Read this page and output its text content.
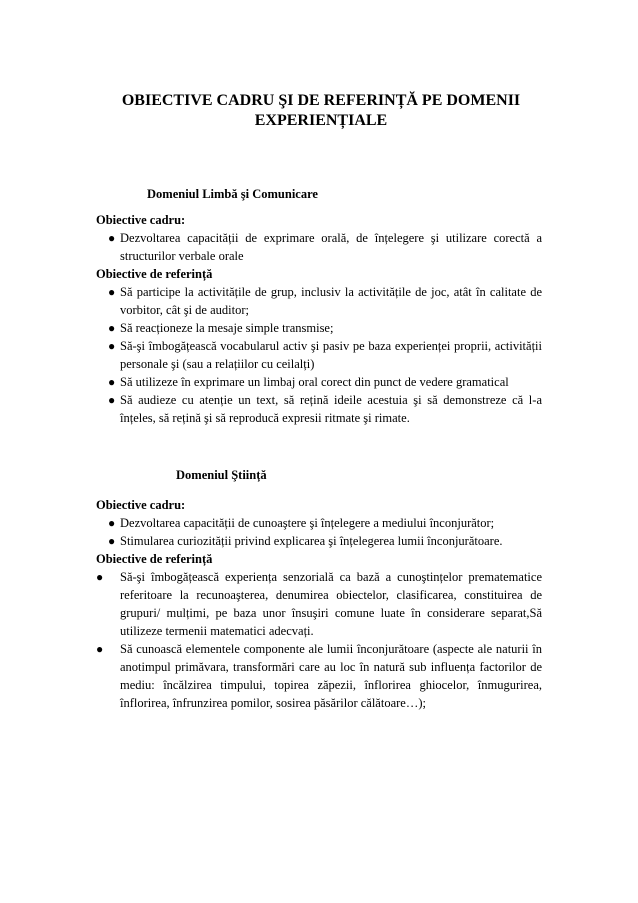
OBIECTIVE CADRU ŞI DE REFERINȚĂ PE DOMENII
EXPERIENȚIALE
Domeniul Limbă şi Comunicare
Obiective cadru:
● Dezvoltarea capacității de exprimare orală, de înțelegere şi utilizare corectă a structurilor verbale orale
Obiective de referință
● Să participe la activitățile de grup, inclusiv la activitățile de joc, atât în calitate de vorbitor, cât şi de auditor;
● Să reacționeze la mesaje simple transmise;
● Să-şi îmbogățească vocabularul activ şi pasiv pe baza experienței proprii, activității personale şi (sau a relațiilor cu ceilalți)
● Să utilizeze în exprimare un limbaj oral corect din punct de vedere gramatical
● Să audieze cu atenție un text, să rețină ideile acestuia şi să demonstreze că l-a înțeles, să rețină şi să reproducă expresii ritmate şi rimate.
Domeniul Ştiință
Obiective cadru:
● Dezvoltarea capacității de cunoaştere şi înțelegere a mediului înconjurător;
● Stimularea curiozității privind explicarea şi înțelegerea lumii înconjurătoare.
Obiective de referință
● Să-şi îmbogățească experiența senzorială ca bază a cunoştințelor prematematice referitoare la recunoaşterea, denumirea obiectelor, clasificarea, constituirea de grupuri/ mulțimi, pe baza unor însuşiri comune luate în considerare separat,Să utilizeze termenii matematici adecvați.
● Să cunoască elementele componente ale lumii înconjurătoare (aspecte ale naturii în anotimpul primăvara, transformări care au loc în natură sub influența factorilor de mediu: încălzirea timpului, topirea zăpezii, înflorirea ghiocelor, înmugurirea, înflorirea, înfrunzirea pomilor, sosirea păsărilor călătoare…);
